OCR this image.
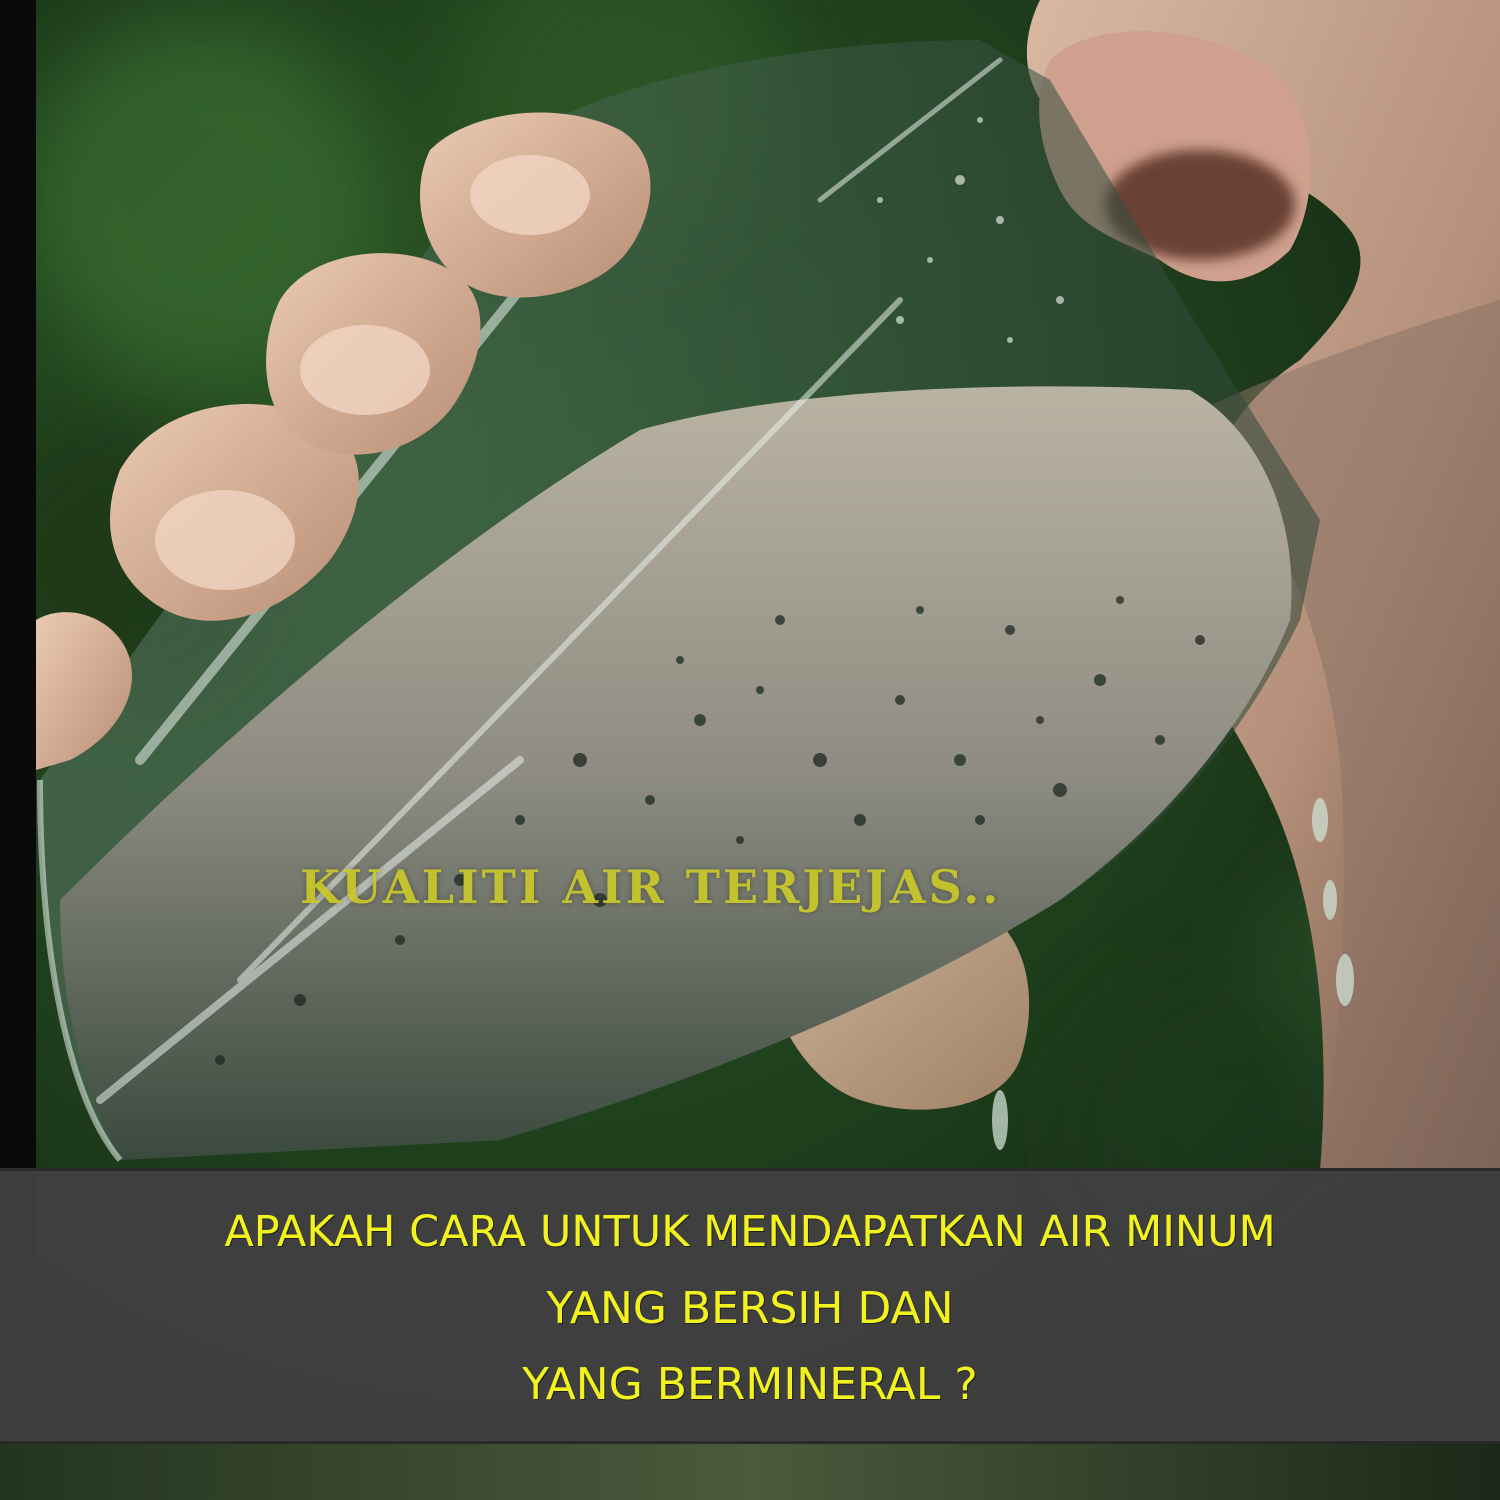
KUALITI AIR TERJEJAS..
APAKAH CARA UNTUK MENDAPATKAN AIR MINUM
YANG BERSIH DAN
YANG BERMINERAL ?
